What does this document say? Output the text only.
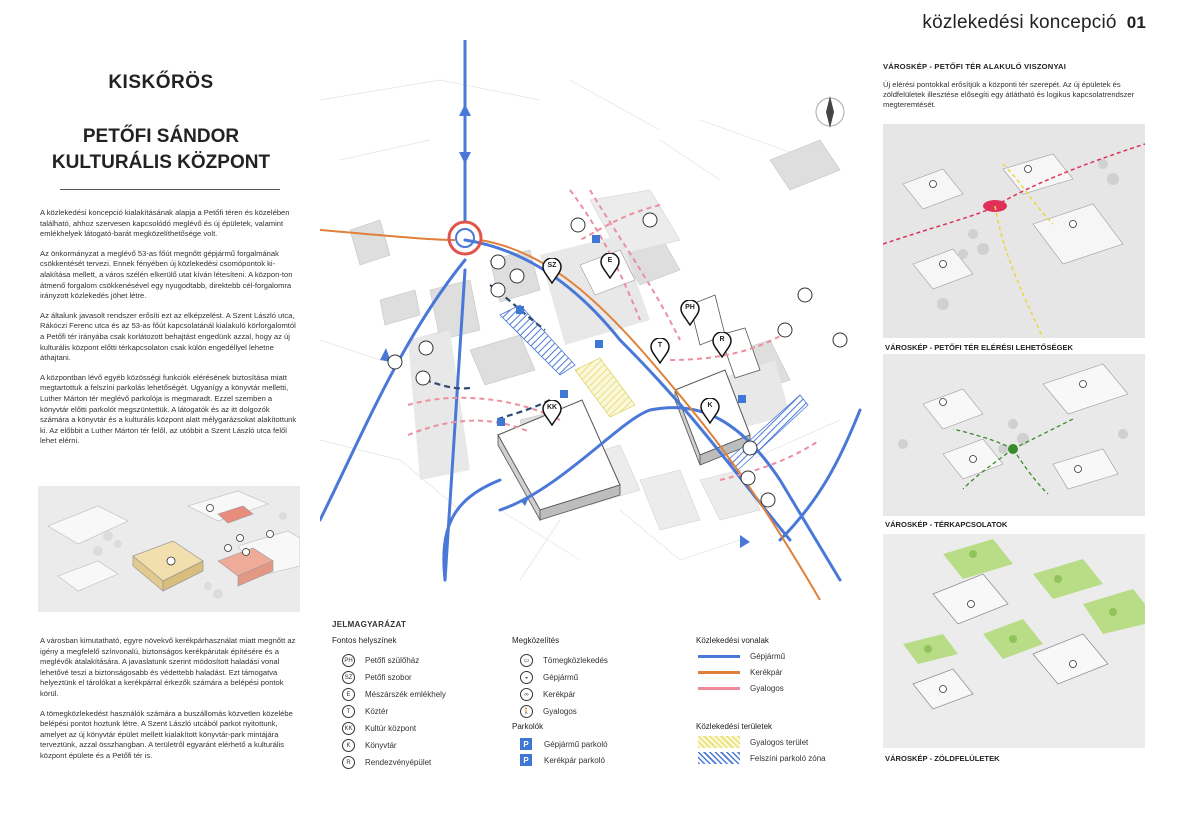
közlekedési koncepció 01
KISKŐRÖS
PETŐFI SÁNDOR
KULTURÁLIS KÖZPONT

A közlekedési koncepció kialakításának alapja a Petőfi téren és közelében található, ahhoz szervesen kapcsolódó meglévő és új épületek, valamint emlékhelyek látogató-barát megközelíthetősége volt.

Az önkormányzat a meglévő 53-as főút megnőtt gépjármű forgalmának csökkentését tervezi. Ennek fényében új közlekedési csomópontok ki-alakítása mellett, a város szélén elkerülő utat kíván létesíteni. A közpon-ton átmenő forgalom csökkenésével egy nyugodtabb, direktebb cél-forgalomra irányzott közlekedés jöhet létre.

Az általunk javasolt rendszer erősíti ezt az elképzelést. A Szent László utca, Rákóczi Ferenc utca és az 53-as főút kapcsolatánál kialakuló körforgalomtól a Petőfi tér irányába csak korlátozott behajtást engedünk azzal, hogy az új kulturális központ előtti térkapcsolaton csak külön engedéllyel lehetne áthajtani.

A központban lévő egyéb közösségi funkciók elérésének biztosítása miatt megtartottuk a felszíni parkolás lehetőségét. Ugyanígy a könyvtár melletti, Luther Márton tér meglévő parkolója is megmaradt. Ezzel szemben a könyvtár előtti parkolót megszüntettük. A látogatók és az itt dolgozók számára a könyvtár és a kulturális központ alatt mélygarázsokat alakítottunk ki. Az előbbit a Luther Márton tér felől, az utóbbit a Szent László utca felől lehet elérni.

A városban kimutatható, egyre növekvő kerékpárhasználat miatt megnőtt az igény a megfelelő színvonalú, biztonságos kerékpárutak építésére és a meglévők átalakítására. A javaslatunk szerint módosított haladási vonal lehetővé teszi a biztonságosabb és védettebb haladást. Ezt támogatva helyeztünk el tárolókat a kerékpárral érkezők számára a belépési pontok körül.

A tömegközlekedést használók számára a buszállomás közvetlen közelébe belépési pontot hoztunk létre. A Szent László utcából parkot nyitottunk, amelyet az új könyvtár épület mellett kialakított könyvtár-park mintájára terveztünk, azzal összhangban. A területről egyaránt elérhető a kulturális központ épülete és a Petőfi tér is.

SZ
E
PH
R
T
KK	K
VÁROSKÉP - PETŐFI TÉR ALAKULÓ VISZONYAI
Új elérési pontokkal erősítjük a központi tér szerepét. Az új épületek és zöldfelületek illesztése elősegíti egy átlátható és logikus kapcsolatrendszer megteremtését.
VÁROSKÉP - PETŐFI TÉR ELÉRÉSI LEHETŐSÉGEK
VÁROSKÉP - TÉRKAPCSOLATOK
VÁROSKÉP - ZÖLDFELÜLETEK
JELMAGYARÁZAT
Fontos helyszínek
PH Petőfi szülőház
SZ	Petőfi szobor
E	Mészárszék emlékhely
T	Köztér
KK	Kultúr központ
K	Könyvtár
R	Rendezvényépület
Megközelítés
▭	Tömegközlekedés
◒	Gépjármű
∞	Kerékpár
🚶	Gyalogos
Parkolók
P	Gépjármű parkoló
P	Kerékpár parkoló
Közlekedési vonalak
Gépjármű
Kerékpár
Gyalogos
Közlekedési területek
Gyalogos terület
Felszíni parkoló zóna
